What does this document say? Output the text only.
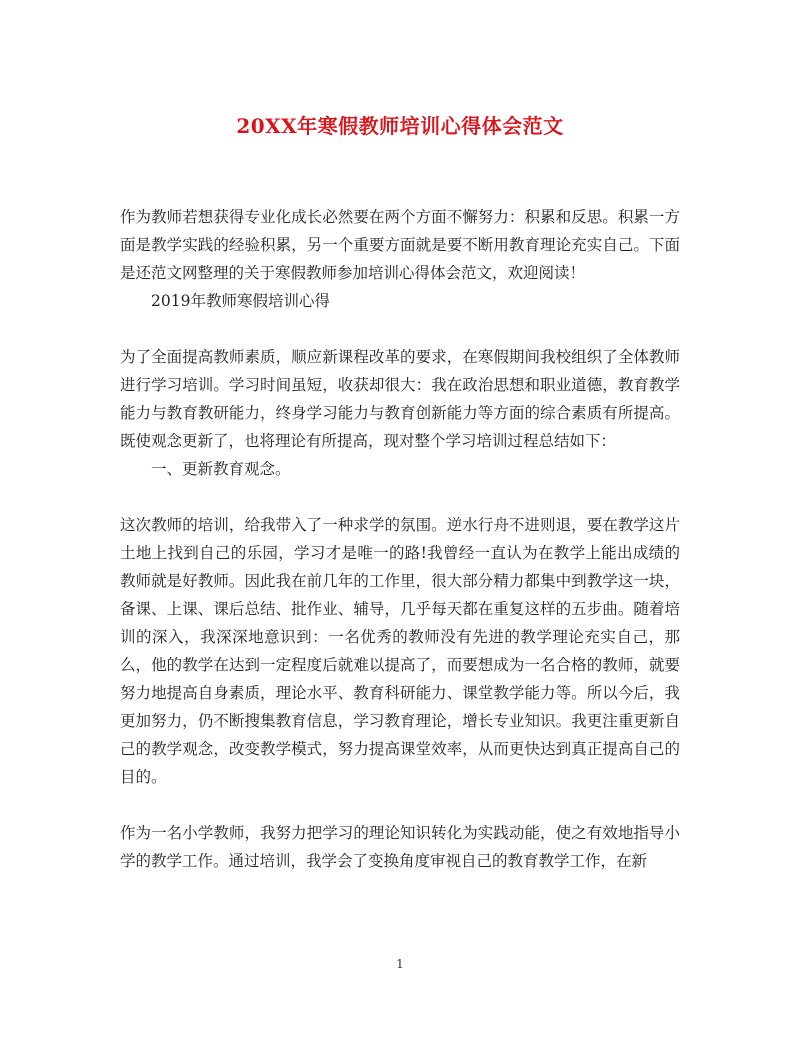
20XX年寒假教师培训心得体会范文

作为教师若想获得专业化成长必然要在两个方面不懈努力：积累和反思。积累一方面是教学实践的经验积累，另一个重要方面就是要不断用教育理论充实自己。下面是还范文网整理的关于寒假教师参加培训心得体会范文，欢迎阅读！

2019年教师寒假培训心得

为了全面提高教师素质，顺应新课程改革的要求，在寒假期间我校组织了全体教师进行学习培训。学习时间虽短，收获却很大：我在政治思想和职业道德，教育教学能力与教育教研能力，终身学习能力与教育创新能力等方面的综合素质有所提高。既使观念更新了，也将理论有所提高，现对整个学习培训过程总结如下：

一、更新教育观念。

这次教师的培训，给我带入了一种求学的氛围。逆水行舟不进则退，要在教学这片土地上找到自己的乐园，学习才是唯一的路!我曾经一直认为在教学上能出成绩的教师就是好教师。因此我在前几年的工作里，很大部分精力都集中到教学这一块，备课、上课、课后总结、批作业、辅导，几乎每天都在重复这样的五步曲。随着培训的深入，我深深地意识到：一名优秀的教师没有先进的教学理论充实自己，那么，他的教学在达到一定程度后就难以提高了，而要想成为一名合格的教师，就要努力地提高自身素质，理论水平、教育科研能力、课堂教学能力等。所以今后，我更加努力，仍不断搜集教育信息，学习教育理论，增长专业知识。我更注重更新自己的教学观念，改变教学模式，努力提高课堂效率，从而更快达到真正提高自己的目的。

作为一名小学教师，我努力把学习的理论知识转化为实践动能，使之有效地指导小学的教学工作。通过培训，我学会了变换角度审视自己的教育教学工作，在新

1
